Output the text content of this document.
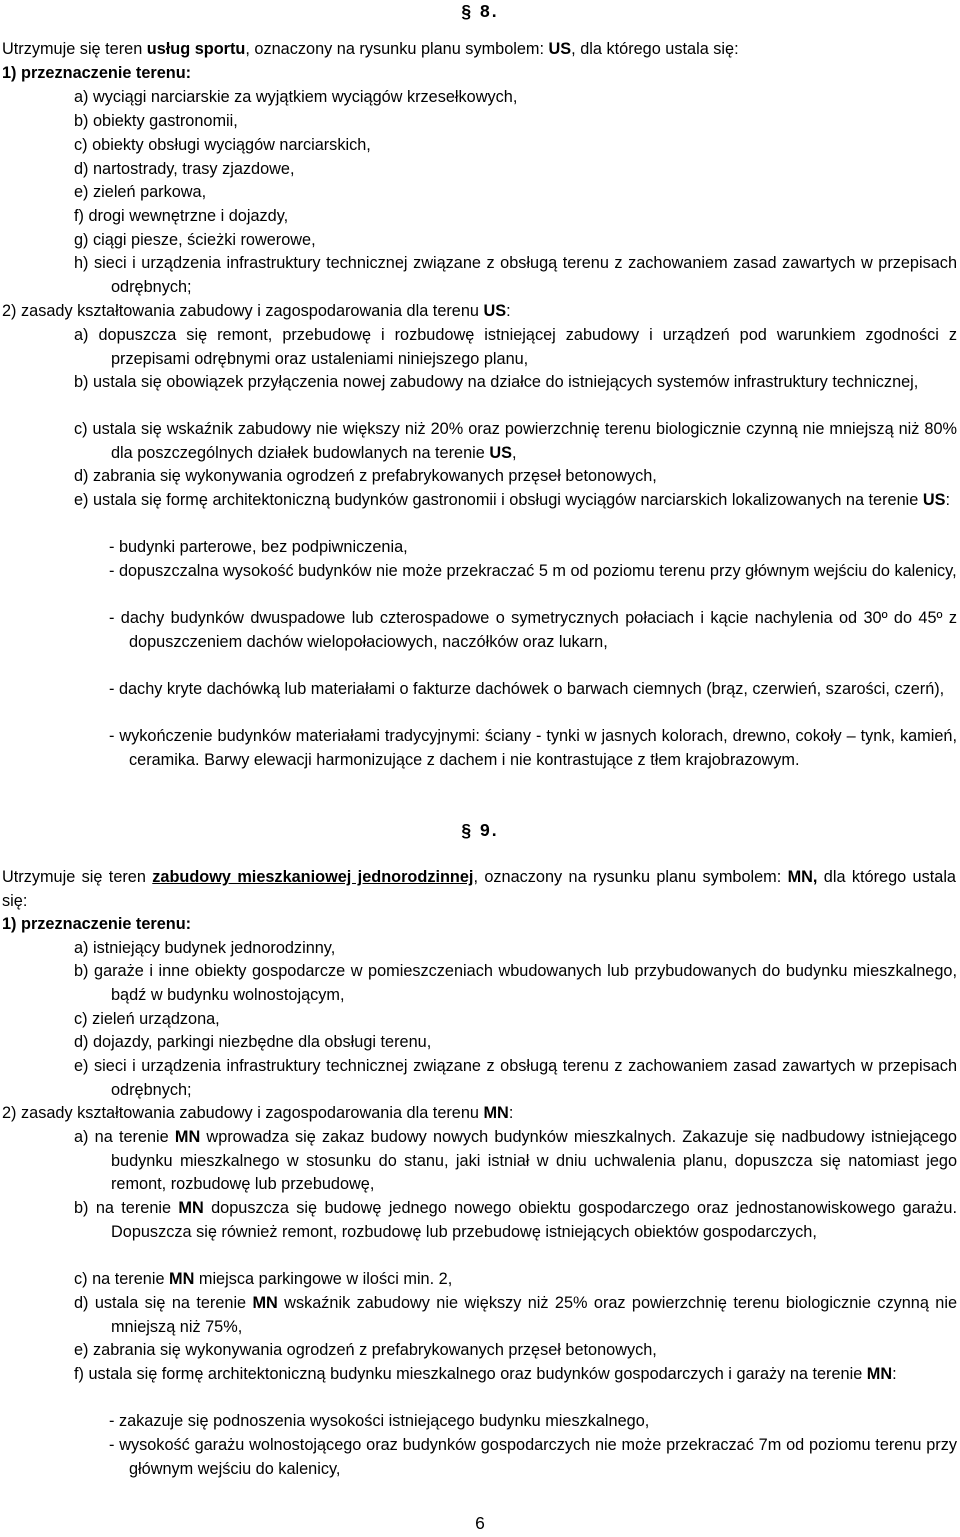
§ 8.
Utrzymuje się teren usług sportu, oznaczony na rysunku planu symbolem: US, dla którego ustala się:
1) przeznaczenie terenu:
a) wyciągi narciarskie za wyjątkiem wyciągów krzesełkowych,
b) obiekty gastronomii,
c) obiekty obsługi wyciągów narciarskich,
d) nartostrady, trasy zjazdowe,
e) zieleń parkowa,
f) drogi wewnętrzne i dojazdy,
g) ciągi piesze, ścieżki rowerowe,
h) sieci i urządzenia infrastruktury technicznej związane z obsługą terenu z zachowaniem zasad zawartych w przepisach odrębnych;
2) zasady kształtowania zabudowy i zagospodarowania dla terenu US:
a) dopuszcza się remont, przebudowę i rozbudowę istniejącej zabudowy i urządzeń pod warunkiem zgodności z przepisami odrębnymi oraz ustaleniami niniejszego planu,
b) ustala się obowiązek przyłączenia nowej zabudowy na działce do istniejących systemów infrastruktury technicznej,
c) ustala się wskaźnik zabudowy nie większy niż 20% oraz powierzchnię terenu biologicznie czynną nie mniejszą niż 80% dla poszczególnych działek budowlanych na terenie US,
d) zabrania się wykonywania ogrodzeń z prefabrykowanych przęseł betonowych,
e) ustala się formę architektoniczną budynków gastronomii i obsługi wyciągów narciarskich lokalizowanych na terenie US:
- budynki parterowe, bez podpiwniczenia,
- dopuszczalna wysokość budynków nie może przekraczać 5 m od poziomu terenu przy głównym wejściu do kalenicy,
- dachy budynków dwuspadowe lub czterospadowe o symetrycznych połaciach i kącie nachylenia od 30º do 45º z dopuszczeniem dachów wielopołaciowych, naczółków oraz lukarn,
- dachy kryte dachówką lub materiałami o fakturze dachówek o barwach ciemnych (brąz, czerwień, szarości, czerń),
- wykończenie budynków materiałami tradycyjnymi: ściany - tynki w jasnych kolorach, drewno, cokoły – tynk, kamień, ceramika. Barwy elewacji harmonizujące z dachem i nie kontrastujące z tłem krajobrazowym.
§ 9.
Utrzymuje się teren zabudowy mieszkaniowej jednorodzinnej, oznaczony na rysunku planu symbolem: MN, dla którego ustala się:
1) przeznaczenie terenu:
a) istniejący budynek jednorodzinny,
b) garaże i inne obiekty gospodarcze w pomieszczeniach wbudowanych lub przybudowanych do budynku mieszkalnego, bądź w budynku wolnostojącym,
c) zieleń urządzona,
d) dojazdy, parkingi niezbędne dla obsługi terenu,
e) sieci i urządzenia infrastruktury technicznej związane z obsługą terenu z zachowaniem zasad zawartych w przepisach odrębnych;
2) zasady kształtowania zabudowy i zagospodarowania dla terenu MN:
a) na terenie MN wprowadza się zakaz budowy nowych budynków mieszkalnych. Zakazuje się nadbudowy istniejącego budynku mieszkalnego w stosunku do stanu, jaki istniał w dniu uchwalenia planu, dopuszcza się natomiast jego remont, rozbudowę lub przebudowę,
b) na terenie MN dopuszcza się budowę jednego nowego obiektu gospodarczego oraz jednostanowiskowego garażu. Dopuszcza się również remont, rozbudowę lub przebudowę istniejących obiektów gospodarczych,
c) na terenie MN miejsca parkingowe w ilości min. 2,
d) ustala się na terenie MN wskaźnik zabudowy nie większy niż 25% oraz powierzchnię terenu biologicznie czynną nie mniejszą niż 75%,
e) zabrania się wykonywania ogrodzeń z prefabrykowanych przęseł betonowych,
f) ustala się formę architektoniczną budynku mieszkalnego oraz budynków gospodarczych i garaży na terenie MN:
- zakazuje się podnoszenia wysokości istniejącego budynku mieszkalnego,
- wysokość garażu wolnostojącego oraz budynków gospodarczych nie może przekraczać 7m od poziomu terenu przy głównym wejściu do kalenicy,
6
